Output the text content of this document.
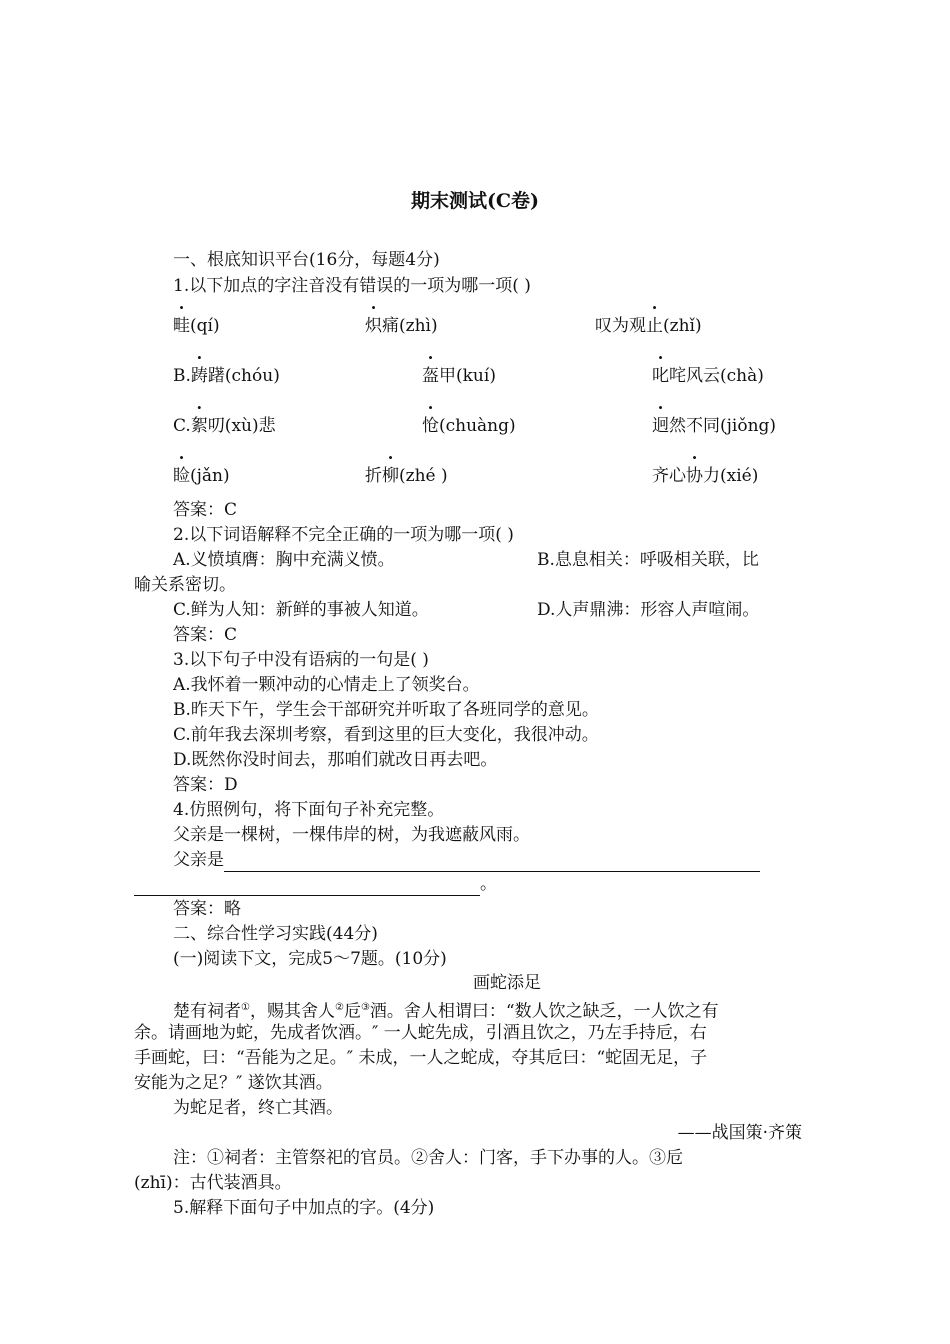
期末测试(C卷)
一、根底知识平台(16分，每题4分)
1.以下加点的字注音没有错误的一项为哪一项( )
畦(qí)	炽痛(zhì)	叹为观止(zhǐ)
B.踌躇(chóu)	盔甲(kuí)	叱咤风云(chà)
C.絮叨(xù)悲	怆(chuàng)	迥然不同(jiǒng)
睑(jǎn)	折柳(zhé )	齐心协力(xié)
答案：C
2.以下词语解释不完全正确的一项为哪一项( )
A.义愤填膺：胸中充满义愤。	B.息息相关：呼吸相关联，比
喻关系密切。
C.鲜为人知：新鲜的事被人知道。	D.人声鼎沸：形容人声喧闹。
答案：C
3.以下句子中没有语病的一句是( )
A.我怀着一颗冲动的心情走上了领奖台。
B.昨天下午，学生会干部研究并听取了各班同学的意见。
C.前年我去深圳考察，看到这里的巨大变化，我很冲动。
D.既然你没时间去，那咱们就改日再去吧。
答案：D
4.仿照例句，将下面句子补充完整。
父亲是一棵树，一棵伟岸的树，为我遮蔽风雨。
父亲是
。
答案：略
二、综合性学习实践(44分)
(一)阅读下文，完成5～7题。(10分)
画蛇添足
楚有祠者①，赐其舍人②卮③酒。舍人相谓曰：“数人饮之缺乏，一人饮之有
余。请画地为蛇，先成者饮酒。″ 一人蛇先成，引酒且饮之，乃左手持卮，右
手画蛇，曰：“吾能为之足。″ 未成，一人之蛇成，夺其卮曰：“蛇固无足，子
安能为之足？″ 遂饮其酒。
为蛇足者，终亡其酒。
——战国策·齐策
注：①祠者：主管祭祀的官员。②舍人：门客，手下办事的人。③卮
(zhī)：古代装酒具。
5.解释下面句子中加点的字。(4分)
